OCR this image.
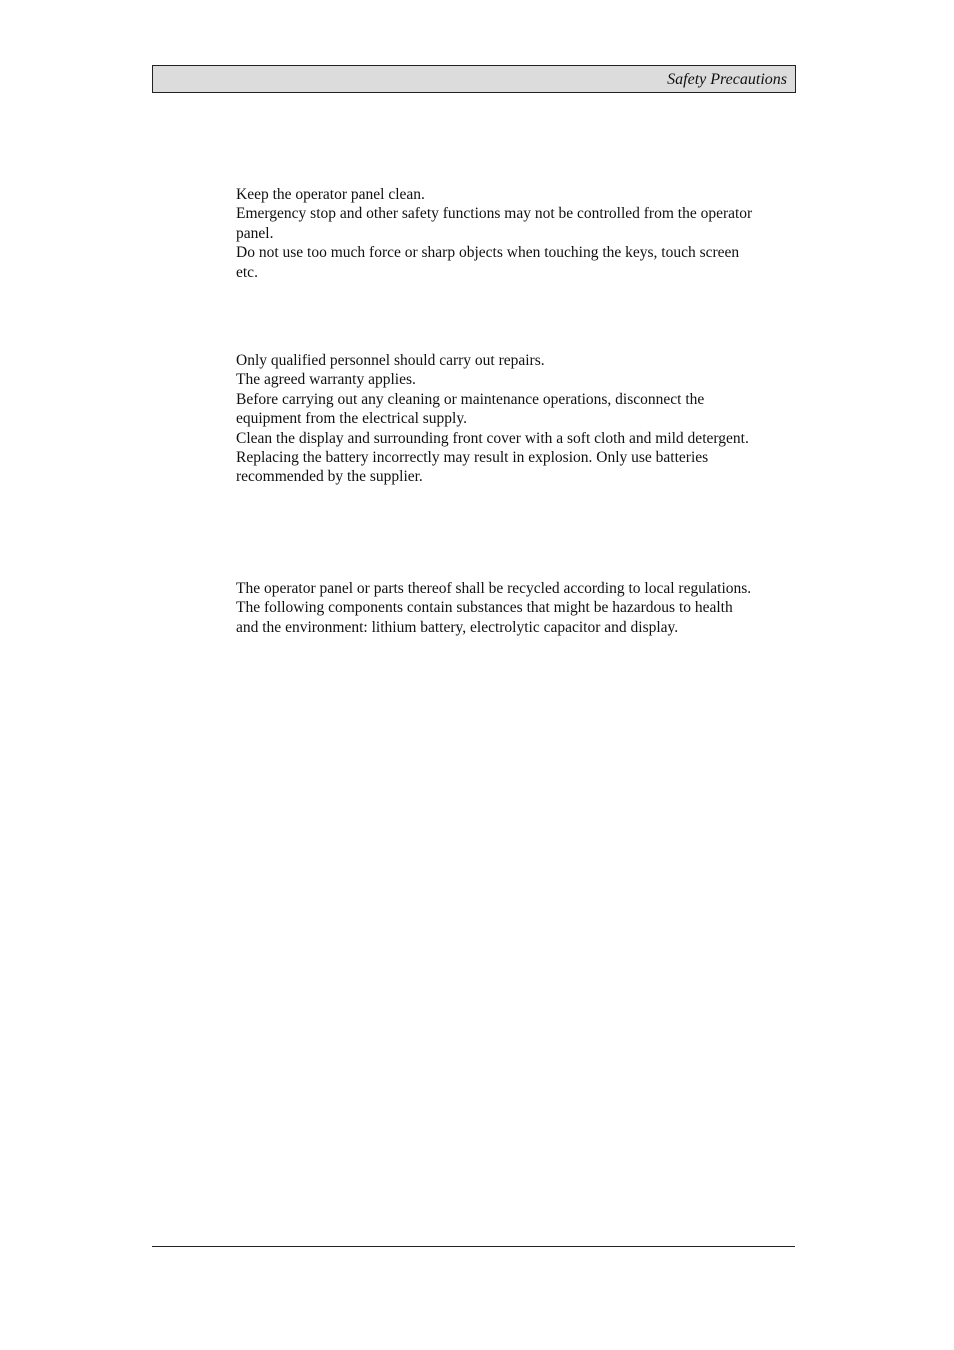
Safety Precautions

Keep the operator panel clean.

Emergency stop and other safety functions may not be controlled from the operator panel.

Do not use too much force or sharp objects when touching the keys, touch screen etc.

Only qualified personnel should carry out repairs.

The agreed warranty applies.

Before carrying out any cleaning or maintenance operations, disconnect the equipment from the electrical supply.

Clean the display and surrounding front cover with a soft cloth and mild detergent.

Replacing the battery incorrectly may result in explosion. Only use batteries recommended by the supplier.

The operator panel or parts thereof shall be recycled according to local regulations.

The following components contain substances that might be hazardous to health and the environment: lithium battery, electrolytic capacitor and display.
